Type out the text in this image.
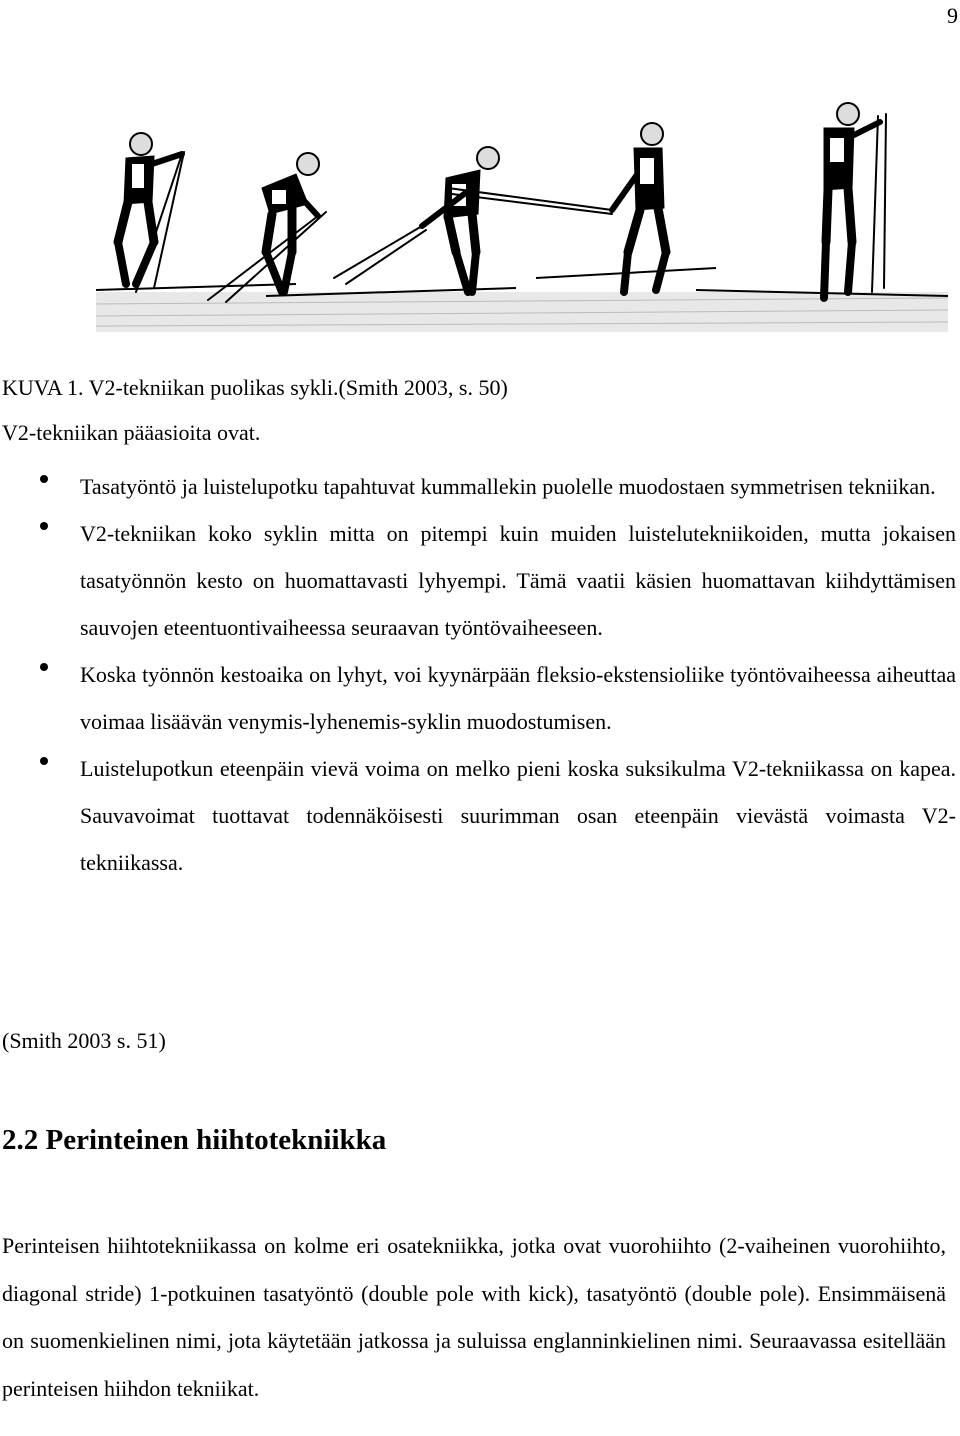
9
KUVA 1. V2-tekniikan puolikas sykli.(Smith 2003, s. 50)
V2-tekniikan pääasioita ovat.
Tasatyöntö ja luistelupotku tapahtuvat kummallekin puolelle muodostaen symmetrisen tekniikan.
V2-tekniikan koko syklin mitta on pitempi kuin muiden luistelutekniikoiden, mutta jokaisen tasatyönnön kesto on huomattavasti lyhyempi. Tämä vaatii käsien huomattavan kiihdyttämisen sauvojen eteentuontivaiheessa seuraavan työntövaiheeseen.
Koska työnnön kestoaika on lyhyt, voi kyynärpään fleksio-ekstensioliike työntövaiheessa aiheuttaa voimaa lisäävän venymis-lyhenemis-syklin muodostumisen.
Luistelupotkun eteenpäin vievä voima on melko pieni koska suksikulma V2-tekniikassa on kapea. Sauvavoimat tuottavat todennäköisesti suurimman osan eteenpäin vievästä voimasta V2-tekniikassa.
(Smith 2003 s. 51)
2.2 Perinteinen hiihtotekniikka
Perinteisen hiihtotekniikassa on kolme eri osatekniikka, jotka ovat vuorohiihto (2-vaiheinen vuorohiihto, diagonal stride) 1-potkuinen tasatyöntö (double pole with kick), tasatyöntö (double pole). Ensimmäisenä on suomenkielinen nimi, jota käytetään jatkossa ja suluissa englanninkielinen nimi. Seuraavassa esitellään perinteisen hiihdon tekniikat.
